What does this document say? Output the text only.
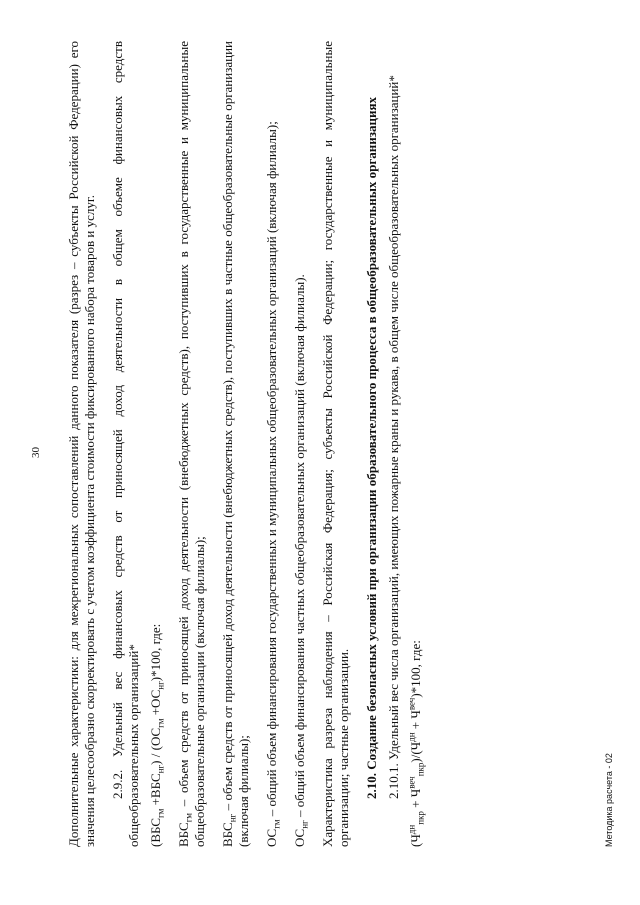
30 Дополнительные характеристики: для межрегиональных сопоставлений данного показателя (разрез – субъекты Российской Федерации) его значения целесообразно скорректировать с учетом коэффициента стоимости фиксированного набора товаров и услуг. 2.9.2. Удельный вес финансовых средств от приносящей доход деятельности в общем объеме финансовых средств общеобразовательных организаций* $(ВБС_{гм} +ВБС_{нг}) / (ОС_{гм} +ОС_{нг})*100$, где:

$ВБС_{гм}$ – объем средств от приносящей доход деятельности (внебюджетных средств), поступивших в государственные и муниципальные общеобразовательные организации (включая филиалы); $ВБС_{нг}$ – объем средств от приносящей доход деятельности (внебюджетных средств), поступивших в частные общеобразовательные организации (включая филиалы); $ОС_{гм}$ – общий объем финансирования государственных и муниципальных общеобразовательных организаций (включая филиалы);

$ОС_{нг}$ – общий объем финансирования частных общеобразовательных организаций (включая филиалы). Характеристика разреза наблюдения – Российская Федерация; субъекты Российской Федерации; государственные и муниципальные организации; частные организации. 2.10. Создание безопасных условий при организации образовательного процесса в общеобразовательных организациях 2.10.1. Удельный вес числа организаций, имеющих пожарные краны и рукава, в общем числе общеобразовательных организаций*

$(Ч^{дн}_{пкр} + Ч^{веч}_{пкр})/(Ч^{дн} + Ч^{веч})*100$, где:

Методика расчета - 02
